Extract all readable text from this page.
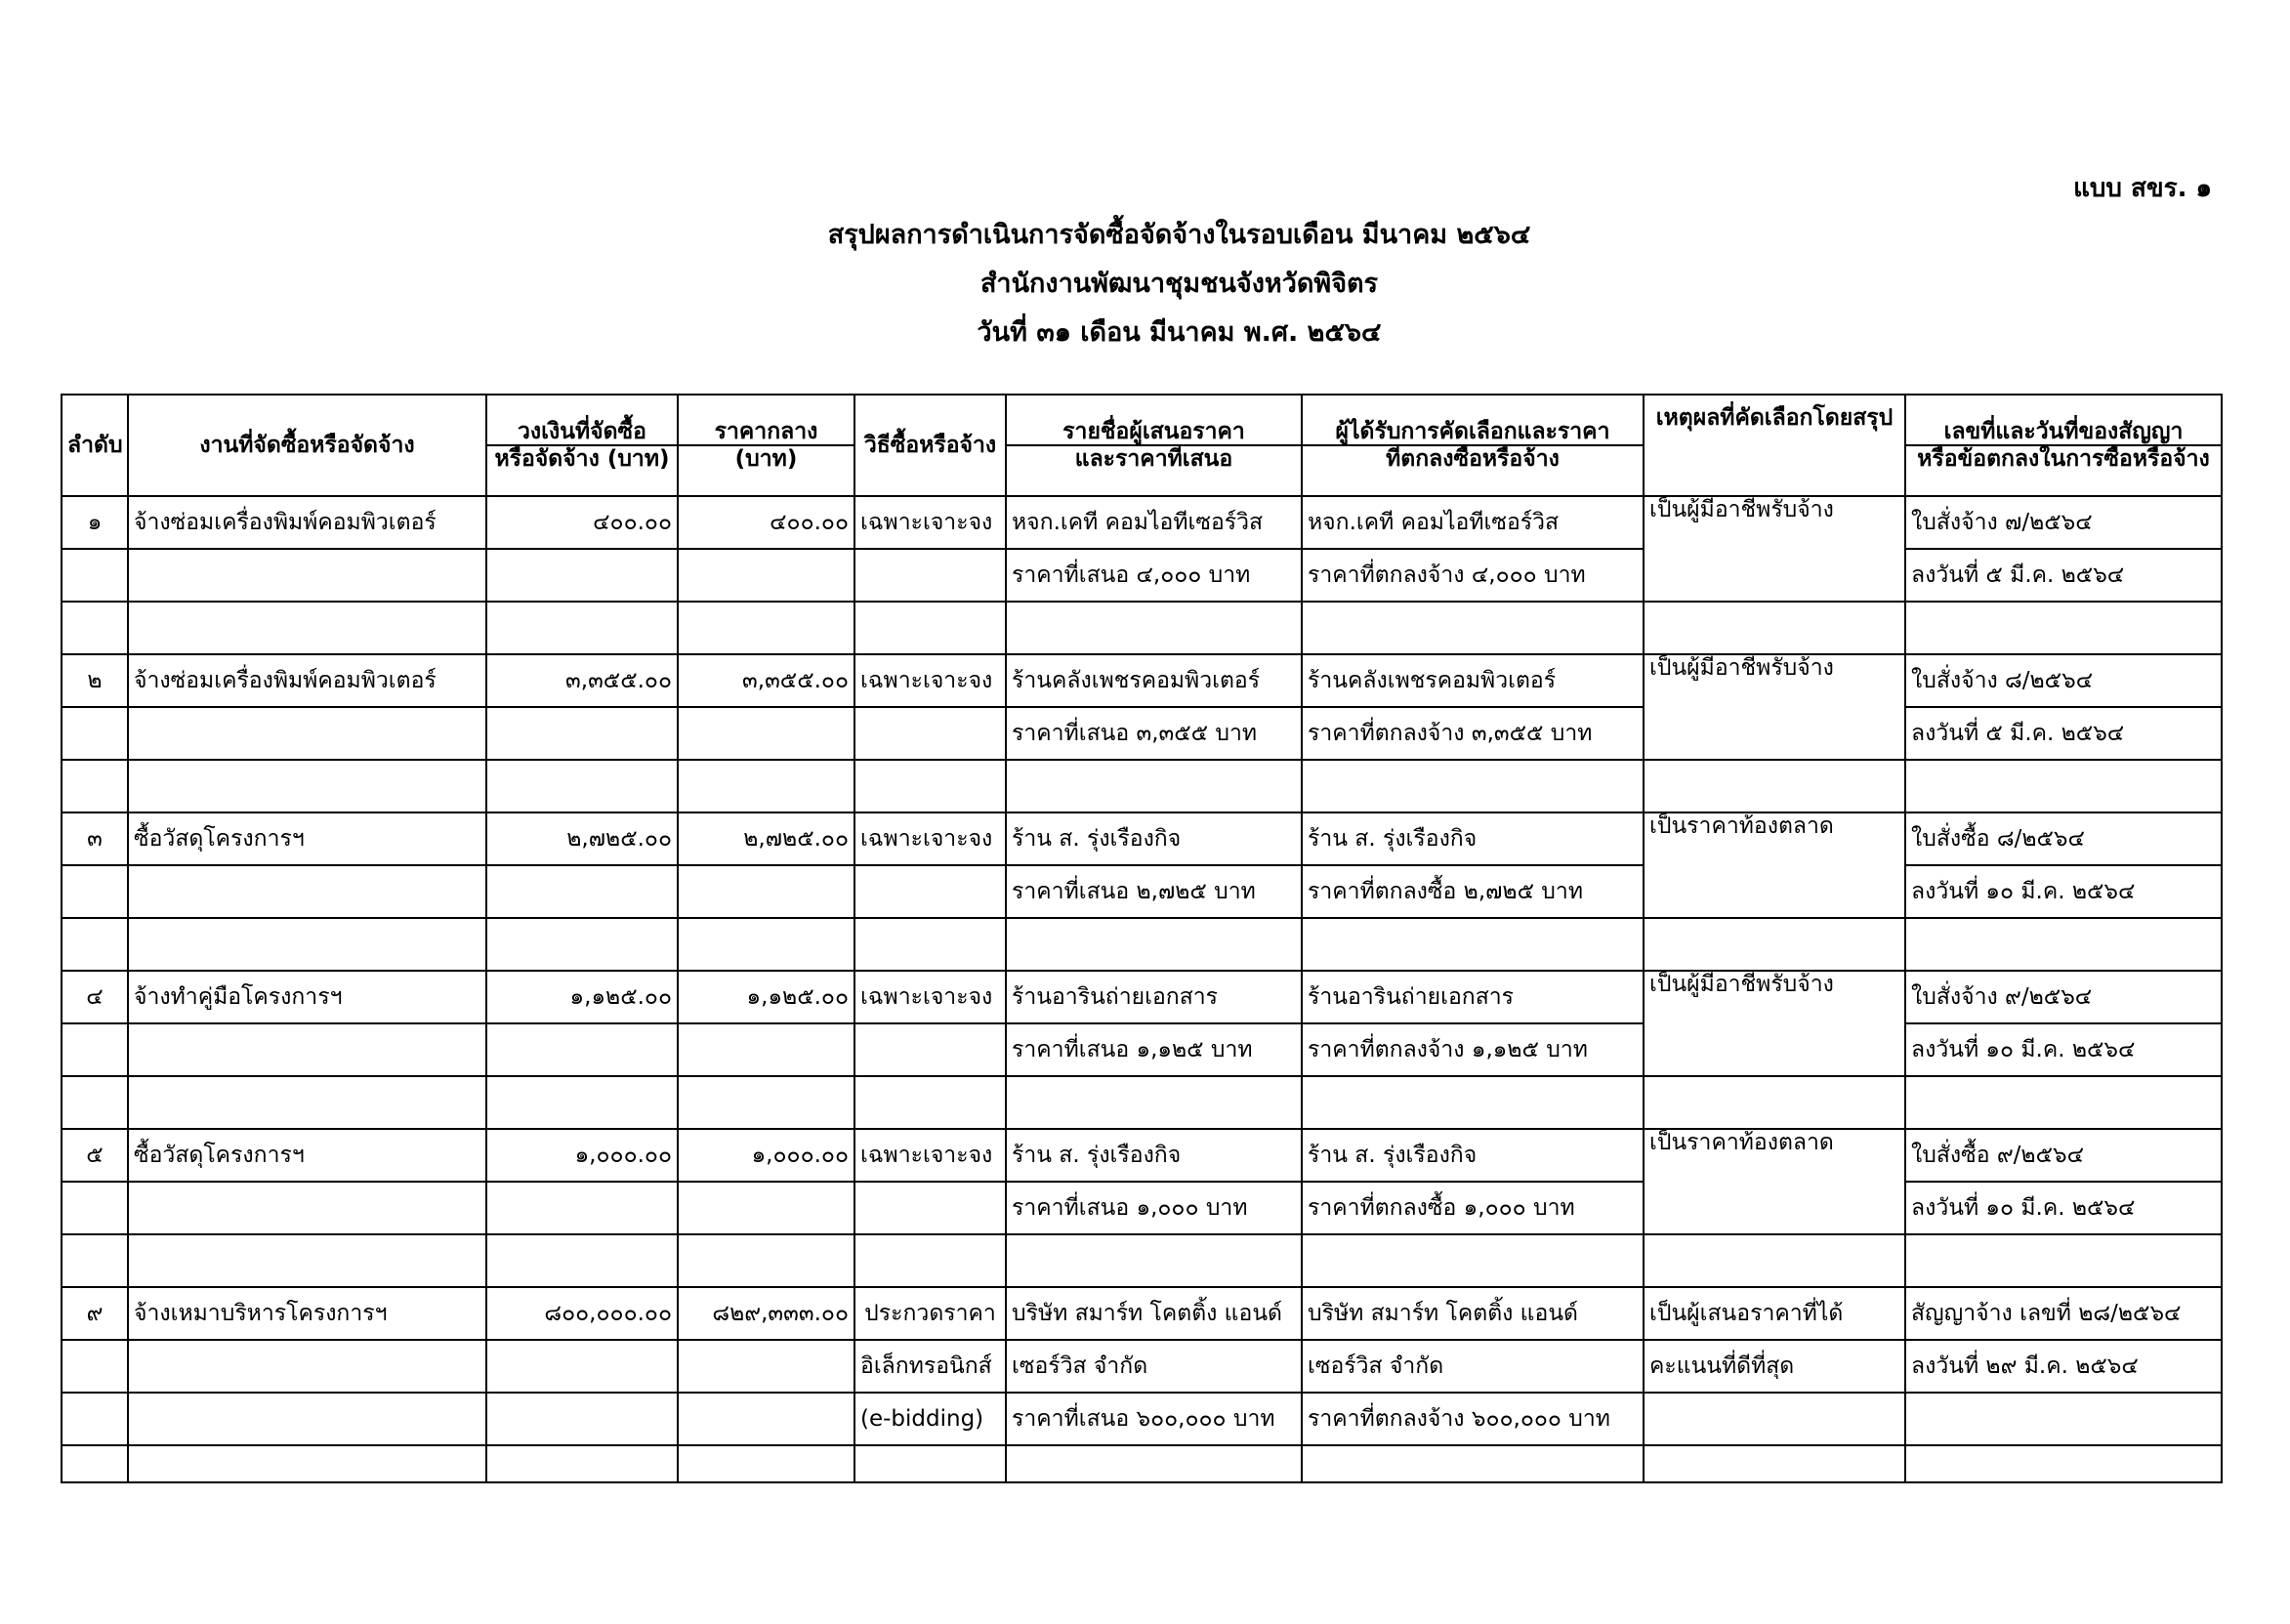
แบบ สขร. ๑
สรุปผลการดำเนินการจัดซื้อจัดจ้างในรอบเดือน มีนาคม ๒๕๖๔
สำนักงานพัฒนาชุมชนจังหวัดพิจิตร
วันที่ ๓๑ เดือน มีนาคม พ.ศ. ๒๕๖๔
ลำดับ	งานที่จัดซื้อหรือจัดจ้าง	วงเงินที่จัดซื้อ	ราคากลาง	วิธีซื้อหรือจ้าง	รายชื่อผู้เสนอราคา	ผู้ได้รับการคัดเลือกและราคา	เหตุผลที่คัดเลือกโดยสรุป	เลขที่และวันที่ของสัญญา
		หรือจัดจ้าง (บาท)	(บาท)		และราคาที่เสนอ	ที่ตกลงซื้อหรือจ้าง		หรือข้อตกลงในการซื้อหรือจ้าง
๑	จ้างซ่อมเครื่องพิมพ์คอมพิวเตอร์	๔๐๐.๐๐	๔๐๐.๐๐	เฉพาะเจาะจง	หจก.เคที คอมไอทีเซอร์วิส	หจก.เคที คอมไอทีเซอร์วิส	เป็นผู้มีอาชีพรับจ้าง	ใบสั่งจ้าง ๗/๒๕๖๔
					ราคาที่เสนอ ๔,๐๐๐ บาท	ราคาที่ตกลงจ้าง ๔,๐๐๐ บาท		ลงวันที่ ๕ มี.ค. ๒๕๖๔

๒	จ้างซ่อมเครื่องพิมพ์คอมพิวเตอร์	๓,๓๕๕.๐๐	๓,๓๕๕.๐๐	เฉพาะเจาะจง	ร้านคลังเพชรคอมพิวเตอร์	ร้านคลังเพชรคอมพิวเตอร์	เป็นผู้มีอาชีพรับจ้าง	ใบสั่งจ้าง ๘/๒๕๖๔
					ราคาที่เสนอ ๓,๓๕๕ บาท	ราคาที่ตกลงจ้าง ๓,๓๕๕ บาท		ลงวันที่ ๕ มี.ค. ๒๕๖๔

๓	ซื้อวัสดุโครงการฯ	๒,๗๒๕.๐๐	๒,๗๒๕.๐๐	เฉพาะเจาะจง	ร้าน ส. รุ่งเรืองกิจ	ร้าน ส. รุ่งเรืองกิจ	เป็นราคาท้องตลาด	ใบสั่งซื้อ ๘/๒๕๖๔
					ราคาที่เสนอ ๒,๗๒๕ บาท	ราคาที่ตกลงซื้อ ๒,๗๒๕ บาท		ลงวันที่ ๑๐ มี.ค. ๒๕๖๔

๔	จ้างทำคู่มือโครงการฯ	๑,๑๒๕.๐๐	๑,๑๒๕.๐๐	เฉพาะเจาะจง	ร้านอารินถ่ายเอกสาร	ร้านอารินถ่ายเอกสาร	เป็นผู้มีอาชีพรับจ้าง	ใบสั่งจ้าง ๙/๒๕๖๔
					ราคาที่เสนอ ๑,๑๒๕ บาท	ราคาที่ตกลงจ้าง ๑,๑๒๕ บาท		ลงวันที่ ๑๐ มี.ค. ๒๕๖๔

๕	ซื้อวัสดุโครงการฯ	๑,๐๐๐.๐๐	๑,๐๐๐.๐๐	เฉพาะเจาะจง	ร้าน ส. รุ่งเรืองกิจ	ร้าน ส. รุ่งเรืองกิจ	เป็นราคาท้องตลาด	ใบสั่งซื้อ ๙/๒๕๖๔
					ราคาที่เสนอ ๑,๐๐๐ บาท	ราคาที่ตกลงซื้อ ๑,๐๐๐ บาท		ลงวันที่ ๑๐ มี.ค. ๒๕๖๔

๙	จ้างเหมาบริหารโครงการฯ	๘๐๐,๐๐๐.๐๐	๘๒๙,๓๓๓.๐๐	ประกวดราคา	บริษัท สมาร์ท โคตติ้ง แอนด์	บริษัท สมาร์ท โคตติ้ง แอนด์	เป็นผู้เสนอราคาที่ได้	สัญญาจ้าง เลขที่ ๒๘/๒๕๖๔
				อิเล็กทรอนิกส์	เซอร์วิส จำกัด	เซอร์วิส จำกัด	คะแนนที่ดีที่สุด	ลงวันที่ ๒๙ มี.ค. ๒๕๖๔
				(e-bidding)	ราคาที่เสนอ ๖๐๐,๐๐๐ บาท	ราคาที่ตกลงจ้าง ๖๐๐,๐๐๐ บาท		
